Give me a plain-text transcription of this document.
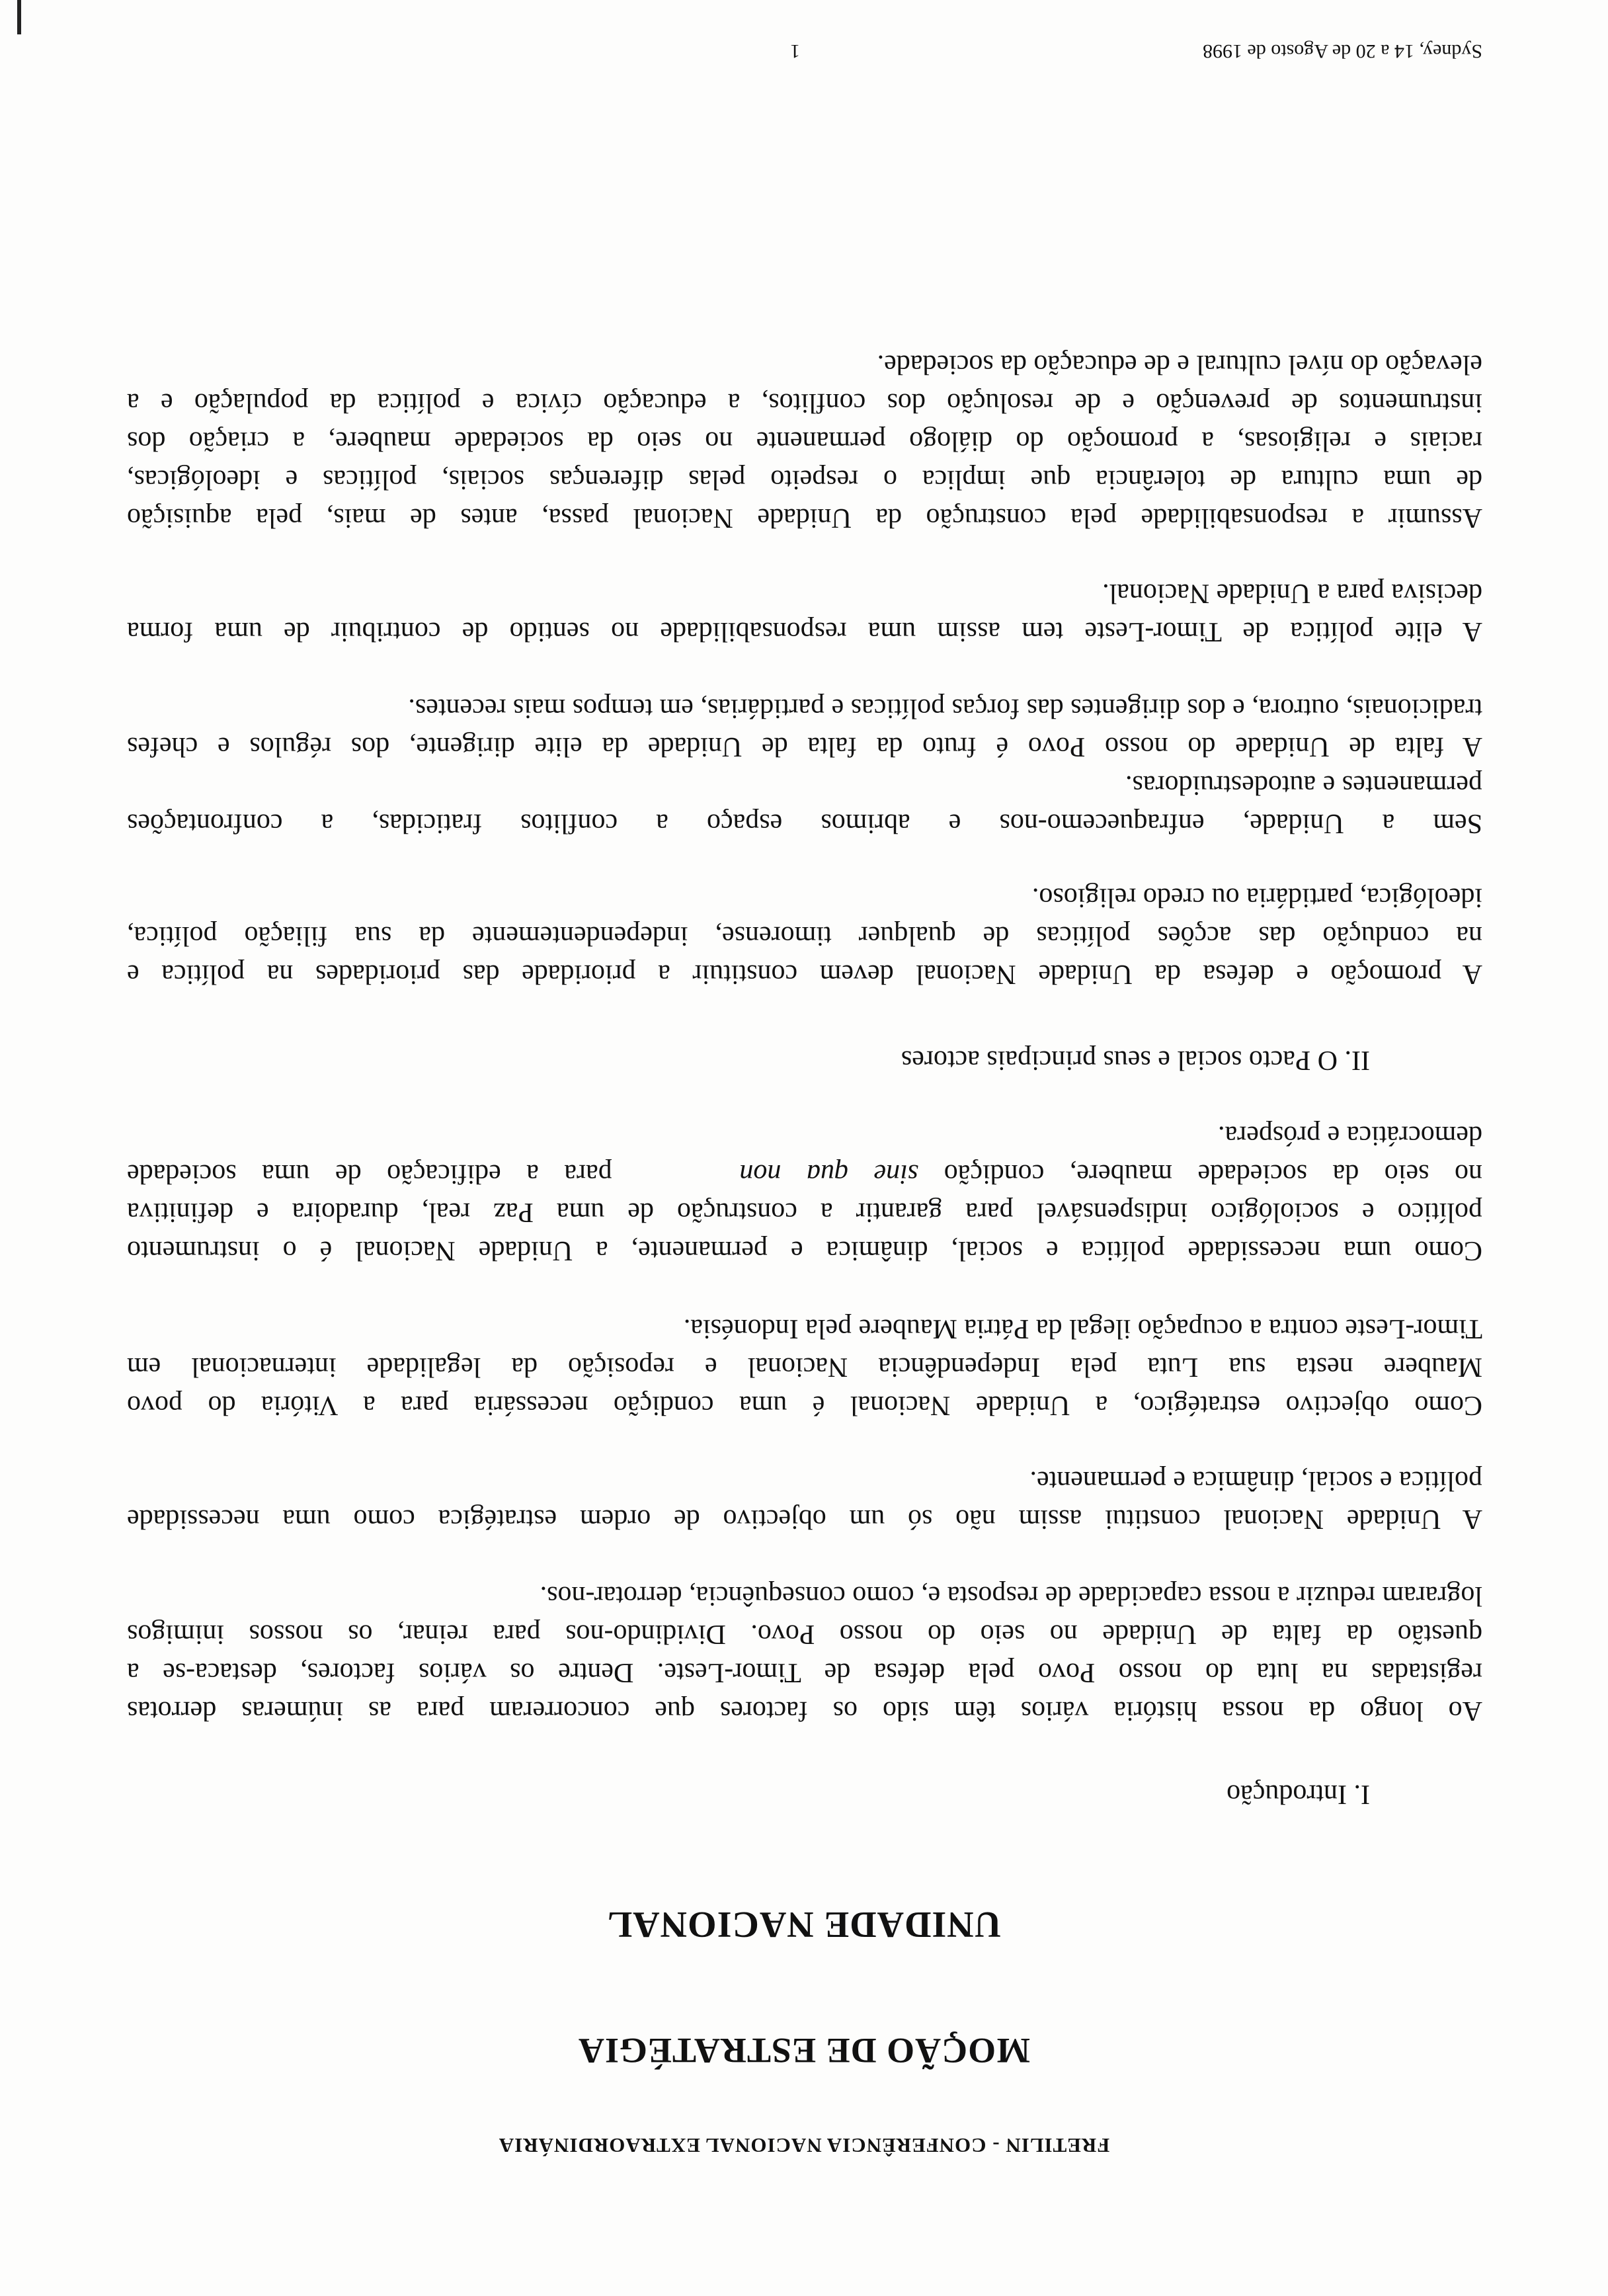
FRETILIN - CONFERÊNCIA NACIONAL EXTRAORDINÁRIA
MOÇÃO DE ESTRATÉGIA
UNIDADE NACIONAL
I. Introdução
Ao longo da nossa história vários têm sido os factores que concorreram para as inúmeras derrotas
registadas na luta do nosso Povo pela defesa de Timor-Leste. Dentre os vários factores, destaca-se a
questão da falta de Unidade no seio do nosso Povo. Dividindo-nos para reinar, os nossos inimigos
lograram reduzir a nossa capacidade de resposta e, como consequência, derrotar-nos.
A Unidade Nacional constitui assim não só um objectivo de ordem estratégica como uma necessidade
política e social, dinâmica e permanente.
Como objectivo estratégico, a Unidade Nacional é uma condição necessária para a Vitória do povo
Maubere nesta sua Luta pela Independência Nacional e reposição da legalidade internacional em
Timor-Leste contra a ocupação ilegal da Pátria Maubere pela Indonésia.
Como uma necessidade política e social, dinâmica e permanente, a Unidade Nacional é o instrumento
político e sociológico indispensável para garantir a construção de uma Paz real, duradoira e definitiva
no seio da sociedade maubere, condição sine qua non     para a edificação de uma sociedade
democrática e próspera.
II. O Pacto social e seus principais actores
A promoção e defesa da Unidade Nacional devem constituir a prioridade das prioridades na política e
na condução das acções políticas de qualquer timorense, independentemente da sua filiação política,
ideológica, partidária ou credo religioso.
Sem a Unidade, enfraquecemo-nos e abrimos espaço a conflitos fraticidas, a confrontações
permanentes e autodestruidoras.
A falta de Unidade do nosso Povo é fruto da falta de Unidade da elite dirigente, dos régulos e chefes
tradicionais, outrora, e dos dirigentes das forças políticas e partidárias, em tempos mais recentes.
A elite política de Timor-Leste tem assim uma responsabilidade no sentido de contribuir de uma forma
decisiva para a Unidade Nacional.
Assumir a responsabilidade pela construção da Unidade Nacional passa, antes de mais, pela aquisição
de uma cultura de tolerância que implica o respeito pelas diferenças sociais, políticas e ideológicas,
raciais e religiosas, a promoção do diálogo permanente no seio da sociedade maubere, a criação dos
instrumentos de prevenção e de resolução dos conflitos, a educação cívica e política da população e a
elevação do nível cultural e de educação da sociedade.
Sydney, 14 a 20 de Agosto de 1998
1
